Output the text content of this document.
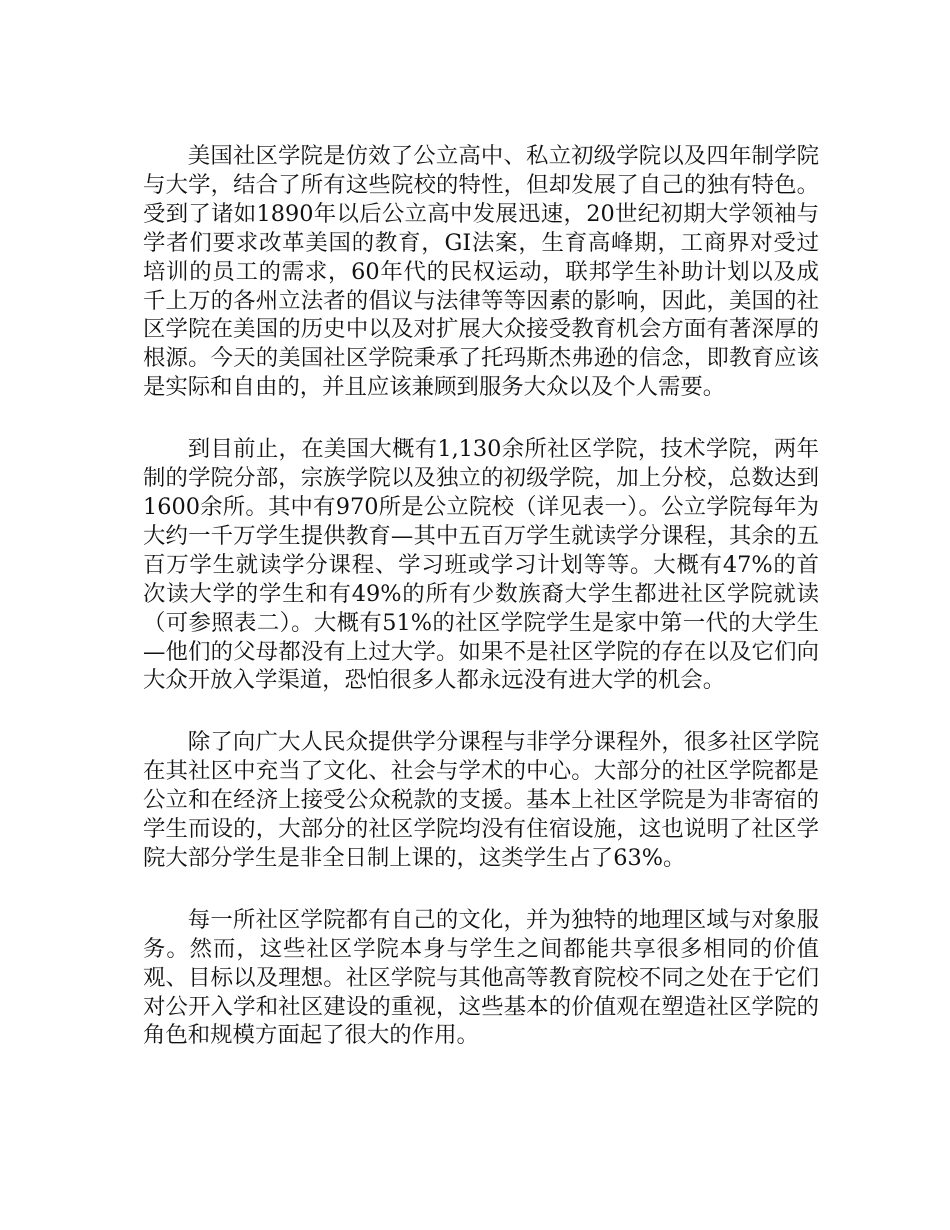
美国社区学院是仿效了公立高中、私立初级学院以及四年制学院与大学，结合了所有这些院校的特性，但却发展了自己的独有特色。受到了诸如1890年以后公立高中发展迅速，20世纪初期大学领袖与学者们要求改革美国的教育，GI法案，生育高峰期，工商界对受过培训的员工的需求，60年代的民权运动，联邦学生补助计划以及成千上万的各州立法者的倡议与法律等等因素的影响，因此，美国的社区学院在美国的历史中以及对扩展大众接受教育机会方面有著深厚的根源。今天的美国社区学院秉承了托玛斯杰弗逊的信念，即教育应该是实际和自由的，并且应该兼顾到服务大众以及个人需要。

到目前止，在美国大概有1,130余所社区学院，技术学院，两年制的学院分部，宗族学院以及独立的初级学院，加上分校，总数达到1600余所。其中有970所是公立院校（详见表一）。公立学院每年为大约一千万学生提供教育—其中五百万学生就读学分课程，其余的五百万学生就读学分课程、学习班或学习计划等等。大概有47%的首次读大学的学生和有49%的所有少数族裔大学生都进社区学院就读（可参照表二）。大概有51%的社区学院学生是家中第一代的大学生—他们的父母都没有上过大学。如果不是社区学院的存在以及它们向大众开放入学渠道，恐怕很多人都永远没有进大学的机会。

除了向广大人民众提供学分课程与非学分课程外，很多社区学院在其社区中充当了文化、社会与学术的中心。大部分的社区学院都是公立和在经济上接受公众税款的支援。基本上社区学院是为非寄宿的学生而设的，大部分的社区学院均没有住宿设施，这也说明了社区学院大部分学生是非全日制上课的，这类学生占了63%。

每一所社区学院都有自己的文化，并为独特的地理区域与对象服务。然而，这些社区学院本身与学生之间都能共享很多相同的价值观、目标以及理想。社区学院与其他高等教育院校不同之处在于它们对公开入学和社区建设的重视，这些基本的价值观在塑造社区学院的角色和规模方面起了很大的作用。
